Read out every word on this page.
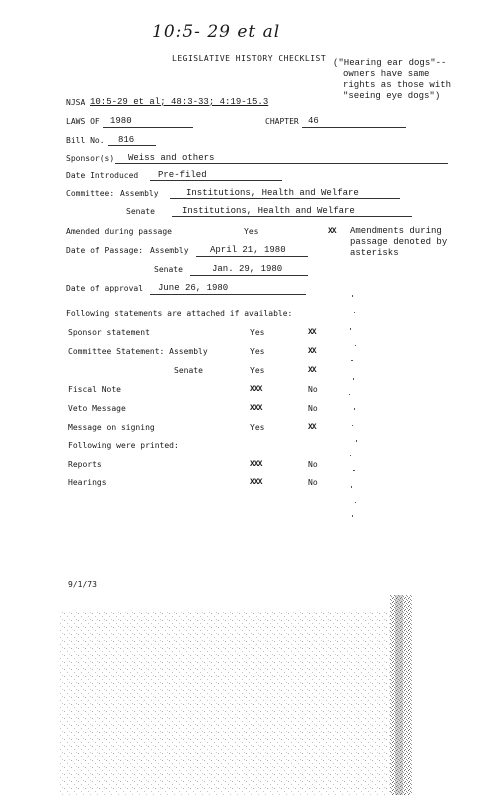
10:5- 29 et al
LEGISLATIVE HISTORY CHECKLIST ("Hearing ear dogs"--
owners have same
rights as those with
"seeing eye dogs")
NJSA 10:5-29 et al; 48:3-33; 4:19-15.3
LAWS OF 1980	CHAPTER 46
Bill No. 816
Sponsor(s) Weiss and others
Date Introduced Pre-filed
Committee: Assembly	Institutions, Health and Welfare
Senate	Institutions, Health and Welfare
Amended during passage	Yes	XX Amendments during
passage denoted by
asterisks
Date of Passage: Assembly April 21, 1980
Senate	Jan. 29, 1980
Date of approval June 26, 1980
Following statements are attached if available:
Sponsor statement	Yes	XX
Committee Statement: Assembly	Yes	XX
Senate	Yes	XX
Fiscal Note	XXX	No
Veto Message	XXX	No
Message on signing	Yes	XX
Following were printed:
Reports	XXX	No
Hearings	XXX	No
9/1/73
